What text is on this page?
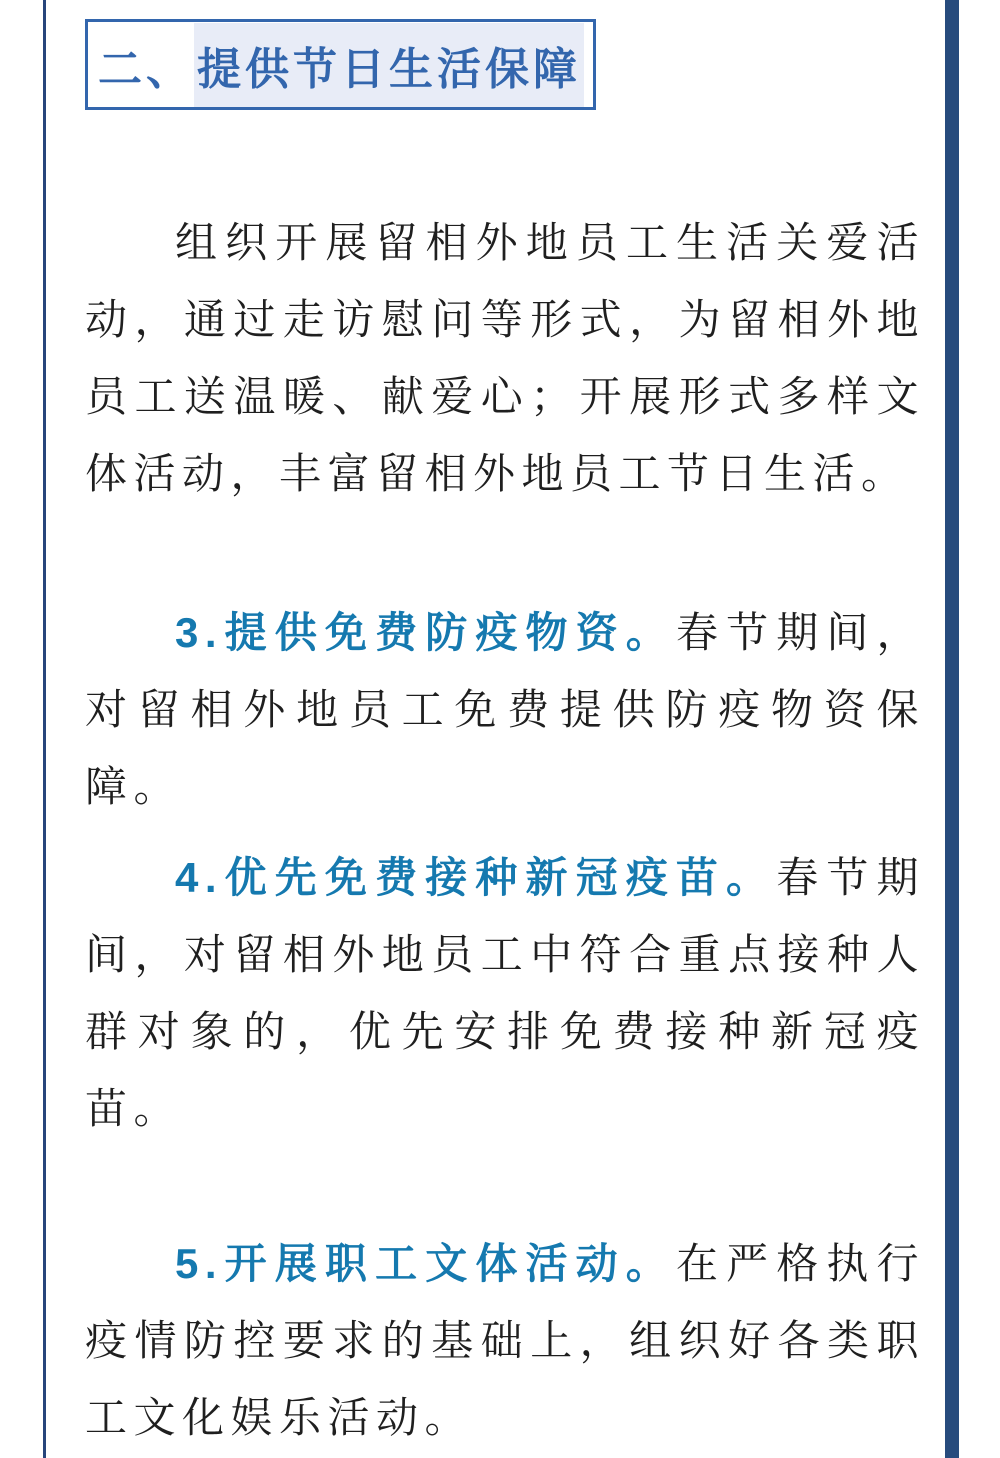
二、 提供节日生活保障

组织开展留相外地员工生活关爱活动，通过走访慰问等形式，为留相外地员工送温暖、献爱心；开展形式多样文体活动，丰富留相外地员工节日生活。

3.提供免费防疫物资。春节期间，对留相外地员工免费提供防疫物资保障。

4.优先免费接种新冠疫苗。春节期间，对留相外地员工中符合重点接种人群对象的，优先安排免费接种新冠疫苗。

5.开展职工文体活动。在严格执行疫情防控要求的基础上，组织好各类职工文化娱乐活动。
